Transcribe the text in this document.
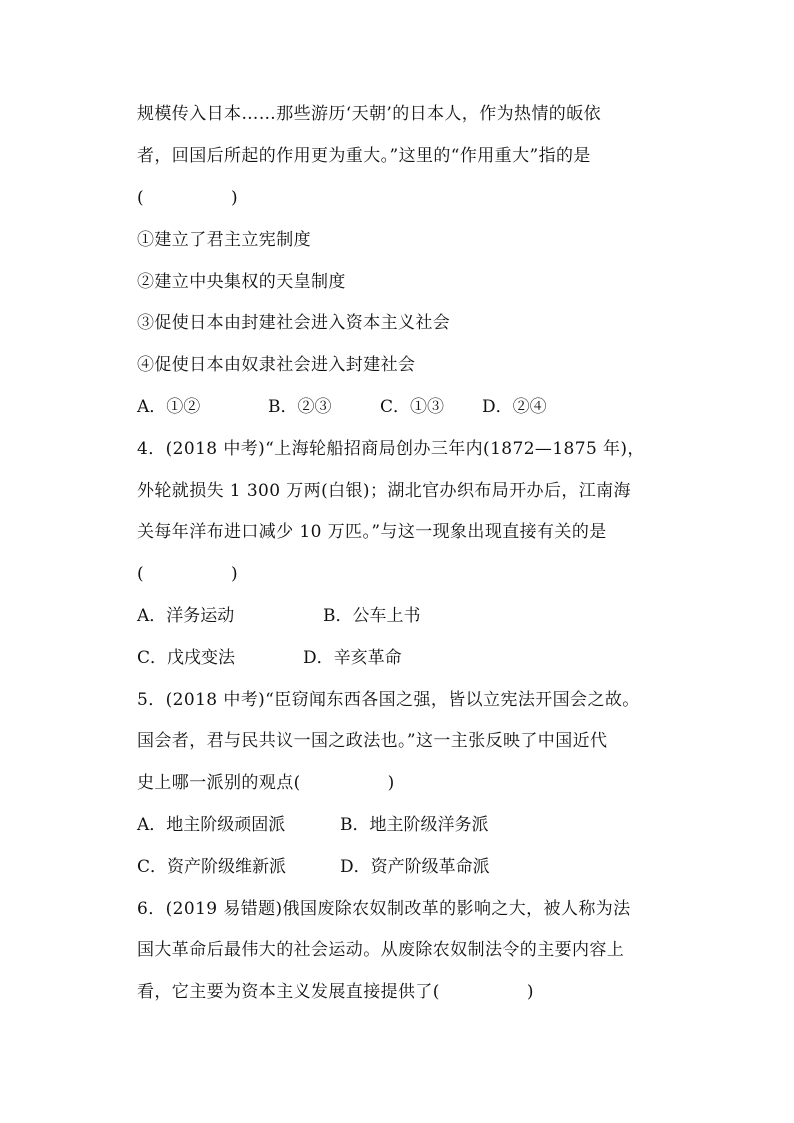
规模传入日本……那些游历‘天朝’的日本人，作为热情的皈依
者，回国后所起的作用更为重大。”这里的“作用重大”指的是
(　　　　　)
①建立了君主立宪制度
②建立中央集权的天皇制度
③促使日本由封建社会进入资本主义社会
④促使日本由奴隶社会进入封建社会
A．①②	B．②③	C．①③ D．②④
4．(2018 中考)“上海轮船招商局创办三年内(1872—1875 年)，
外轮就损失 1 300 万两(白银)；湖北官办织布局开办后，江南海
关每年洋布进口减少 10 万匹。”与这一现象出现直接有关的是
(　　　　　)
A．洋务运动	B．公车上书
C．戊戌变法	D．辛亥革命
5．(2018 中考)“臣窃闻东西各国之强，皆以立宪法开国会之故。
国会者，君与民共议一国之政法也。”这一主张反映了中国近代
史上哪一派别的观点(　　　　　)
A．地主阶级顽固派	B．地主阶级洋务派
C．资产阶级维新派	D．资产阶级革命派
6．(2019 易错题)俄国废除农奴制改革的影响之大，被人称为法
国大革命后最伟大的社会运动。从废除农奴制法令的主要内容上
看，它主要为资本主义发展直接提供了(　　　　　)
